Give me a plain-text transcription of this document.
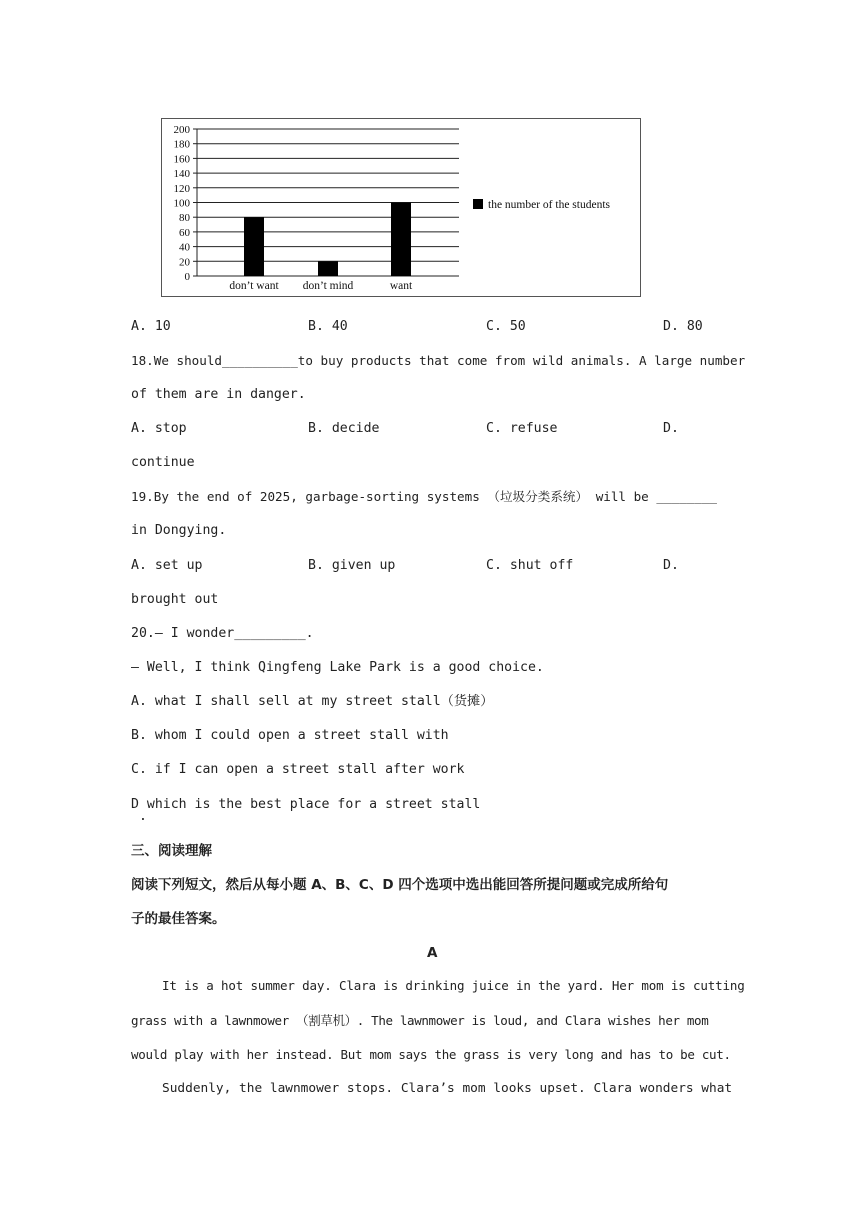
200
180
160
140
120
100
80
60
40
20
0
don’t want don’t mind	want
the number of the students
A. 10	B. 40	C. 50	D. 80
18.We should__________to buy products that come from wild animals. A large number
of them are in danger.
A. stop	B. decide	C. refuse	D.
continue
19.By the end of 2025, garbage-sorting systems （垃圾分类系统） will be ________
in Dongying.
A. set up	B. given up	C. shut off	D.
brought out
20.— I wonder_________.
— Well, I think Qingfeng Lake Park is a good choice.
A. what I shall sell at my street stall（货摊）
B. whom I could open a street stall with
C. if I can open a street stall after work
D which is the best place for a street stall
.
三、阅读理解
阅读下列短文，然后从每小题 A、B、C、D 四个选项中选出能回答所提问题或完成所给句
子的最佳答案。
A
It is a hot summer day. Clara is drinking juice in the yard. Her mom is cutting
grass with a lawnmower （割草机）. The lawnmower is loud, and Clara wishes her mom
would play with her instead. But mom says the grass is very long and has to be cut.
Suddenly, the lawnmower stops. Clara’s mom looks upset. Clara wonders what
